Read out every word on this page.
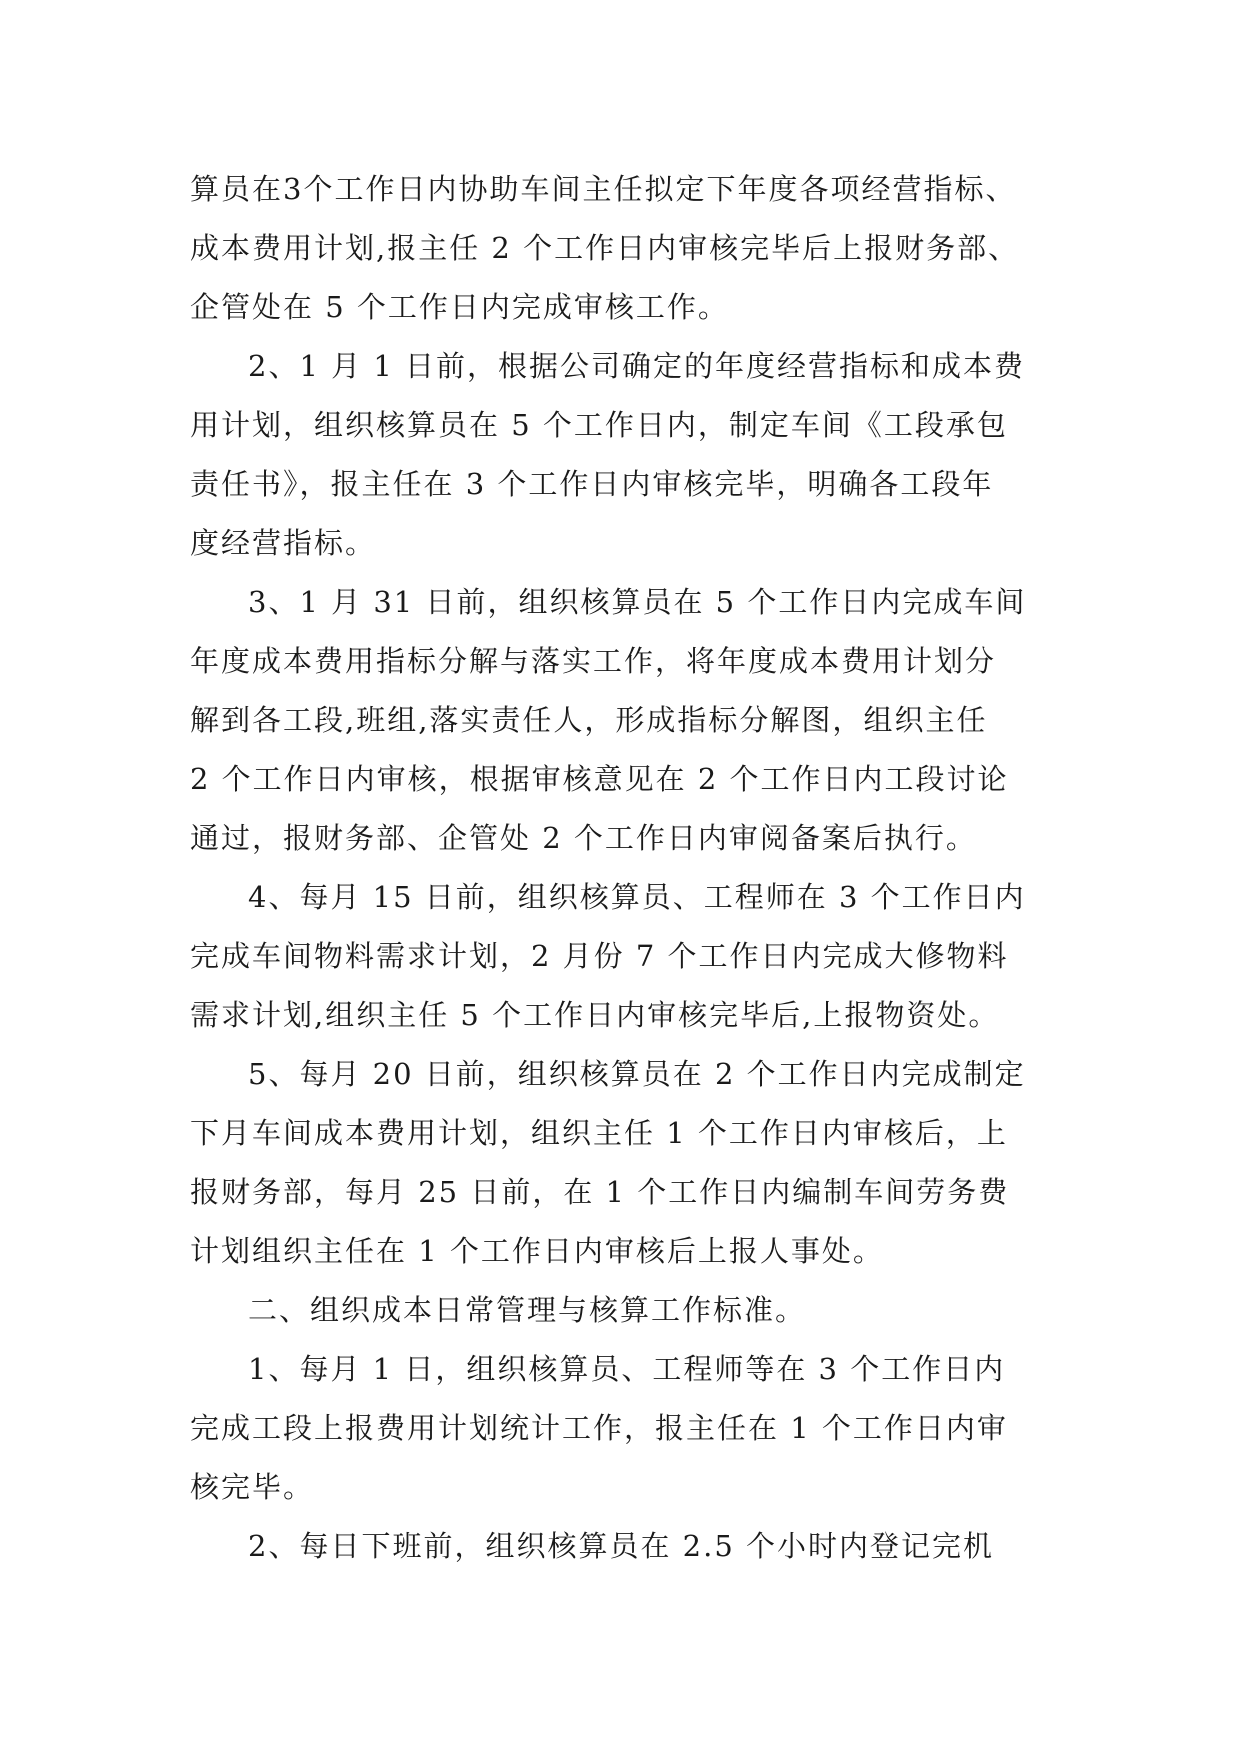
算员在3个工作日内协助车间主任拟定下年度各项经营指标、
成本费用计划,报主任 2 个工作日内审核完毕后上报财务部、
企管处在 5 个工作日内完成审核工作。
2、1 月 1 日前，根据公司确定的年度经营指标和成本费
用计划，组织核算员在 5 个工作日内，制定车间《工段承包
责任书》，报主任在 3 个工作日内审核完毕，明确各工段年
度经营指标。
3、1 月 31 日前，组织核算员在 5 个工作日内完成车间
年度成本费用指标分解与落实工作，将年度成本费用计划分
解到各工段,班组,落实责任人，形成指标分解图，组织主任
2 个工作日内审核，根据审核意见在 2 个工作日内工段讨论
通过，报财务部、企管处 2 个工作日内审阅备案后执行。
4、每月 15 日前，组织核算员、工程师在 3 个工作日内
完成车间物料需求计划，2 月份 7 个工作日内完成大修物料
需求计划,组织主任 5 个工作日内审核完毕后,上报物资处。
5、每月 20 日前，组织核算员在 2 个工作日内完成制定
下月车间成本费用计划，组织主任 1 个工作日内审核后，上
报财务部，每月 25 日前，在 1 个工作日内编制车间劳务费
计划组织主任在 1 个工作日内审核后上报人事处。
二、组织成本日常管理与核算工作标准。
1、每月 1 日，组织核算员、工程师等在 3 个工作日内
完成工段上报费用计划统计工作，报主任在 1 个工作日内审
核完毕。
2、每日下班前，组织核算员在 2.5 个小时内登记完机
